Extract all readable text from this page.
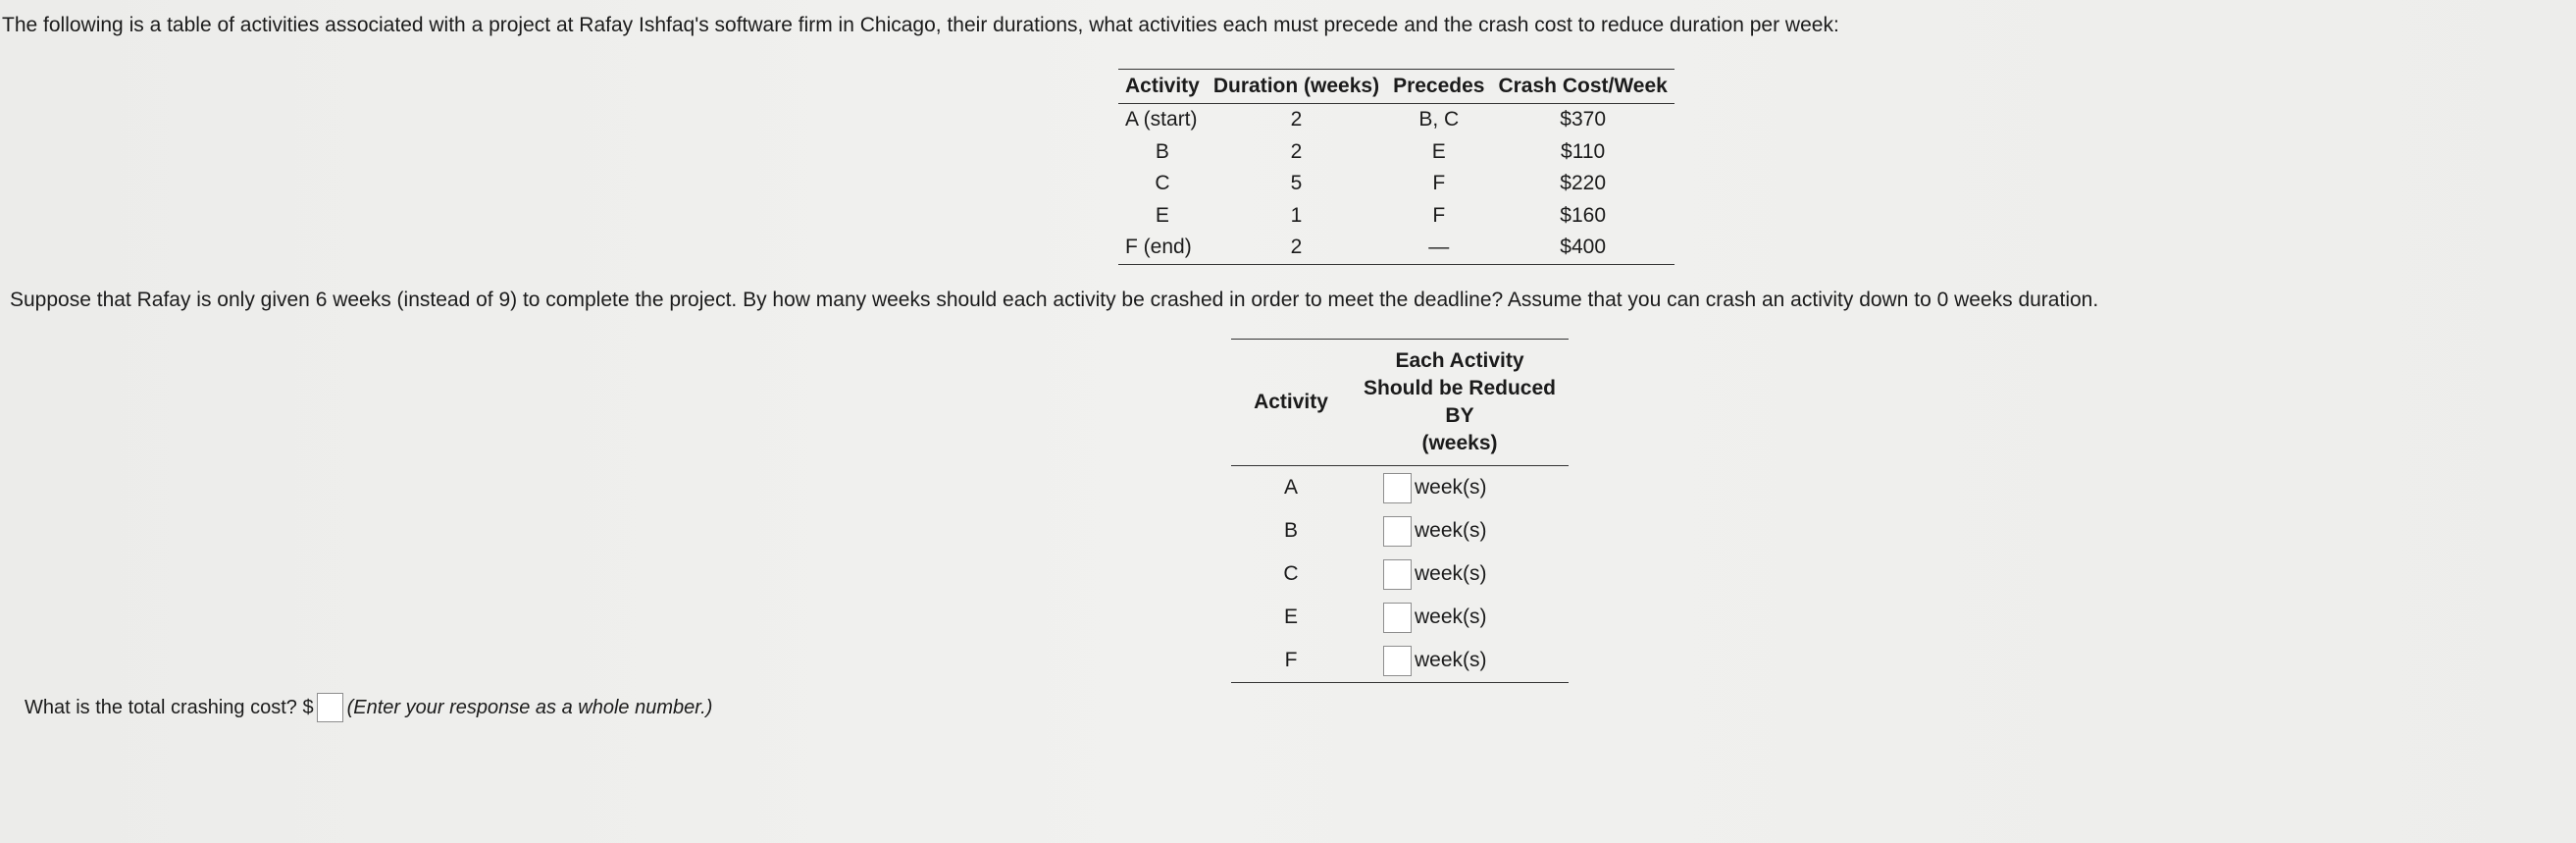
The following is a table of activities associated with a project at Rafay Ishfaq's software firm in Chicago, their durations, what activities each must precede and the crash cost to reduce duration per week:
Activity	Duration (weeks)	Precedes	Crash Cost/Week
A (start)	2	B, C	$370
B	2	E	$110
C	5	F	$220
E	1	F	$160
F (end)	2	—	$400
Suppose that Rafay is only given 6 weeks (instead of 9) to complete the project. By how many weeks should each activity be crashed in order to meet the deadline? Assume that you can crash an activity down to 0 weeks duration.
Activity	Each Activity
Should be Reduced
BY
(weeks)

A	week(s)

B	week(s)

C	week(s)

E	week(s)

F	week(s)
What is the total crashing cost?
$ (Enter your response as a whole number.)
